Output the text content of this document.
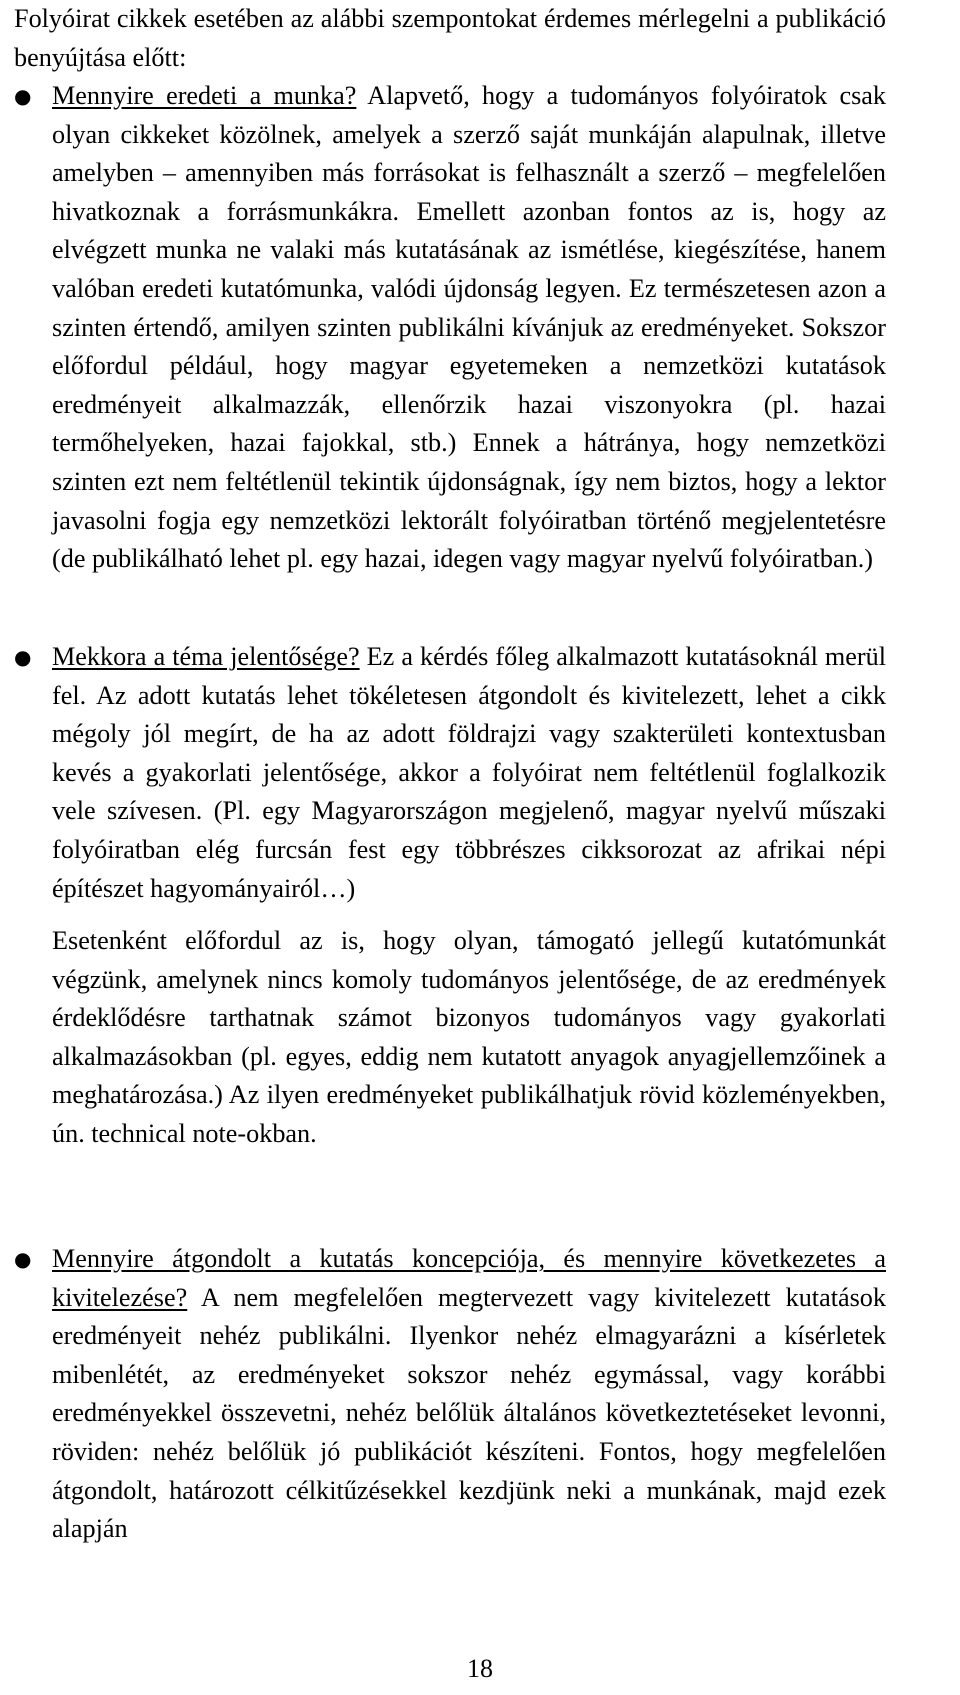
Folyóirat cikkek esetében az alábbi szempontokat érdemes mérlegelni a publikáció benyújtása előtt:

● Mennyire eredeti a munka? Alapvető, hogy a tudományos folyóiratok csak olyan cikkeket közölnek, amelyek a szerző saját munkáján alapulnak, illetve amelyben – amennyiben más forrásokat is felhasznált a szerző – megfelelően hivatkoznak a forrásmunkákra. Emellett azonban fontos az is, hogy az elvégzett munka ne valaki más kutatásának az ismétlése, kiegészítése, hanem valóban eredeti kutatómunka, valódi újdonság legyen. Ez természetesen azon a szinten értendő, amilyen szinten publikálni kívánjuk az eredményeket. Sokszor előfordul például, hogy magyar egyetemeken a nemzetközi kutatások eredményeit alkalmazzák, ellenőrzik hazai viszonyokra (pl. hazai termőhelyeken, hazai fajokkal, stb.) Ennek a hátránya, hogy nemzetközi szinten ezt nem feltétlenül tekintik újdonságnak, így nem biztos, hogy a lektor javasolni fogja egy nemzetközi lektorált folyóiratban történő megjelentetésre (de publikálható lehet pl. egy hazai, idegen vagy magyar nyelvű folyóiratban.)

● Mekkora a téma jelentősége? Ez a kérdés főleg alkalmazott kutatásoknál merül fel. Az adott kutatás lehet tökéletesen átgondolt és kivitelezett, lehet a cikk mégoly jól megírt, de ha az adott földrajzi vagy szakterületi kontextusban kevés a gyakorlati jelentősége, akkor a folyóirat nem feltétlenül foglalkozik vele szívesen. (Pl. egy Magyarországon megjelenő, magyar nyelvű műszaki folyóiratban elég furcsán fest egy többrészes cikksorozat az afrikai népi építészet hagyományairól…)

Esetenként előfordul az is, hogy olyan, támogató jellegű kutatómunkát végzünk, amelynek nincs komoly tudományos jelentősége, de az eredmények érdeklődésre tarthatnak számot bizonyos tudományos vagy gyakorlati alkalmazásokban (pl. egyes, eddig nem kutatott anyagok anyagjellemzőinek a meghatározása.) Az ilyen eredményeket publikálhatjuk rövid közleményekben, ún. technical note-okban.

● Mennyire átgondolt a kutatás koncepciója, és mennyire következetes a kivitelezése? A nem megfelelően megtervezett vagy kivitelezett kutatások eredményeit nehéz publikálni. Ilyenkor nehéz elmagyarázni a kísérletek mibenlétét, az eredményeket sokszor nehéz egymással, vagy korábbi eredményekkel összevetni, nehéz belőlük általános következtetéseket levonni, röviden: nehéz belőlük jó publikációt készíteni. Fontos, hogy megfelelően átgondolt, határozott célkitűzésekkel kezdjünk neki a munkának, majd ezek alapján

18
